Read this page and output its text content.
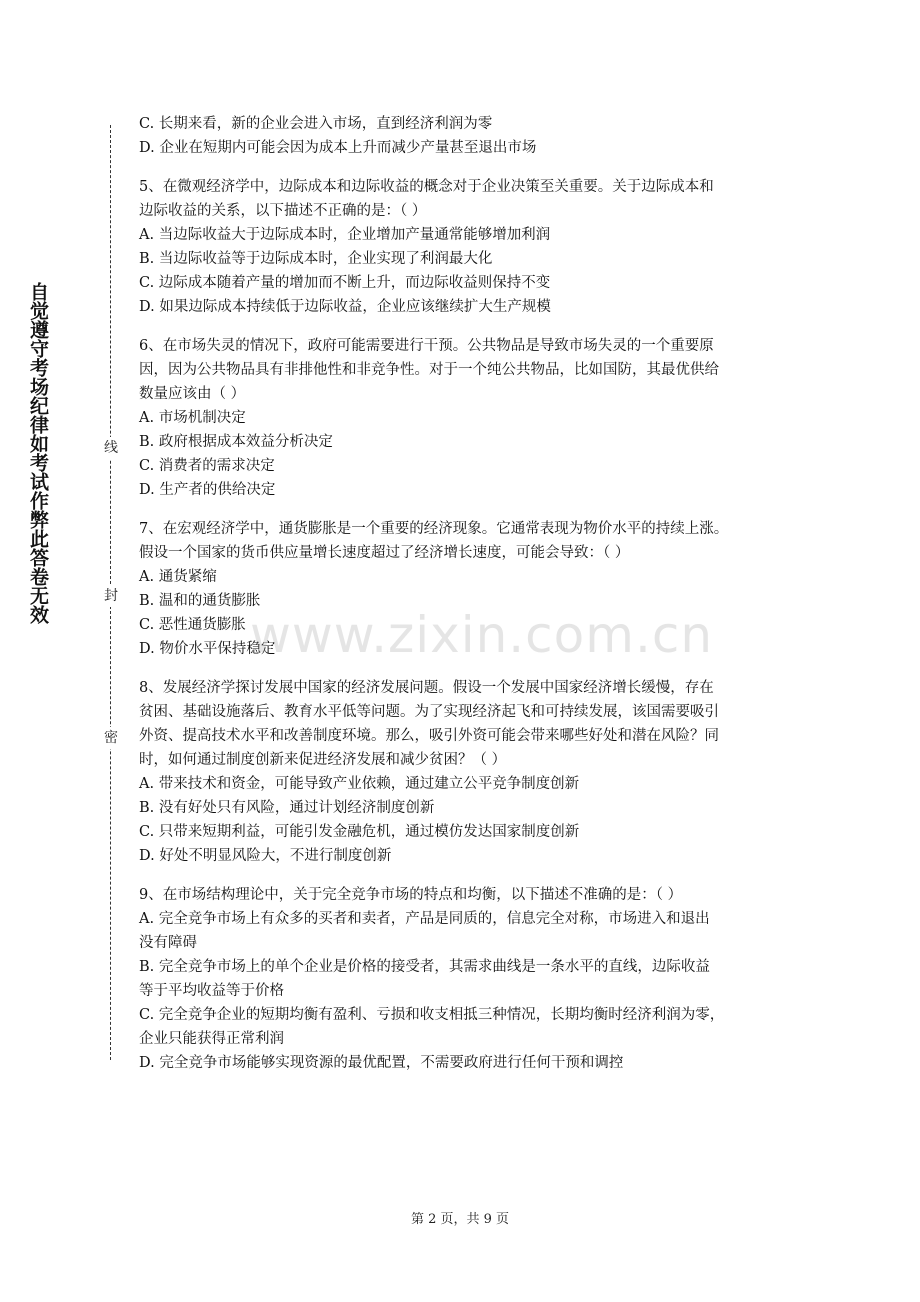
自觉遵守考场纪律如考试作弊此答卷无效	线
封
密
C. 长期来看，新的企业会进入市场，直到经济利润为零
D. 企业在短期内可能会因为成本上升而减少产量甚至退出市场
5、在微观经济学中，边际成本和边际收益的概念对于企业决策至关重要。关于边际成本和
边际收益的关系，以下描述不正确的是：（ ）
A. 当边际收益大于边际成本时，企业增加产量通常能够增加利润
B. 当边际收益等于边际成本时，企业实现了利润最大化
C. 边际成本随着产量的增加而不断上升，而边际收益则保持不变
D. 如果边际成本持续低于边际收益，企业应该继续扩大生产规模
6、在市场失灵的情况下，政府可能需要进行干预。公共物品是导致市场失灵的一个重要原
因，因为公共物品具有非排他性和非竞争性。对于一个纯公共物品，比如国防，其最优供给
数量应该由（ ）
A. 市场机制决定
B. 政府根据成本效益分析决定
C. 消费者的需求决定
D. 生产者的供给决定
7、在宏观经济学中，通货膨胀是一个重要的经济现象。它通常表现为物价水平的持续上涨。
假设一个国家的货币供应量增长速度超过了经济增长速度，可能会导致：（ ）
A. 通货紧缩
B. 温和的通货膨胀
C. 恶性通货膨胀
D. 物价水平保持稳定
8、发展经济学探讨发展中国家的经济发展问题。假设一个发展中国家经济增长缓慢，存在
贫困、基础设施落后、教育水平低等问题。为了实现经济起飞和可持续发展，该国需要吸引
外资、提高技术水平和改善制度环境。那么，吸引外资可能会带来哪些好处和潜在风险？同
时，如何通过制度创新来促进经济发展和减少贫困？（ ）
A. 带来技术和资金，可能导致产业依赖，通过建立公平竞争制度创新
B. 没有好处只有风险，通过计划经济制度创新
C. 只带来短期利益，可能引发金融危机，通过模仿发达国家制度创新
D. 好处不明显风险大，不进行制度创新
9、在市场结构理论中，关于完全竞争市场的特点和均衡，以下描述不准确的是：（ ）
A. 完全竞争市场上有众多的买者和卖者，产品是同质的，信息完全对称，市场进入和退出
没有障碍
B. 完全竞争市场上的单个企业是价格的接受者，其需求曲线是一条水平的直线，边际收益
等于平均收益等于价格
C. 完全竞争企业的短期均衡有盈利、亏损和收支相抵三种情况，长期均衡时经济利润为零，
企业只能获得正常利润
D. 完全竞争市场能够实现资源的最优配置，不需要政府进行任何干预和调控
www.zixin.com.cn
第 2 页，共 9 页
